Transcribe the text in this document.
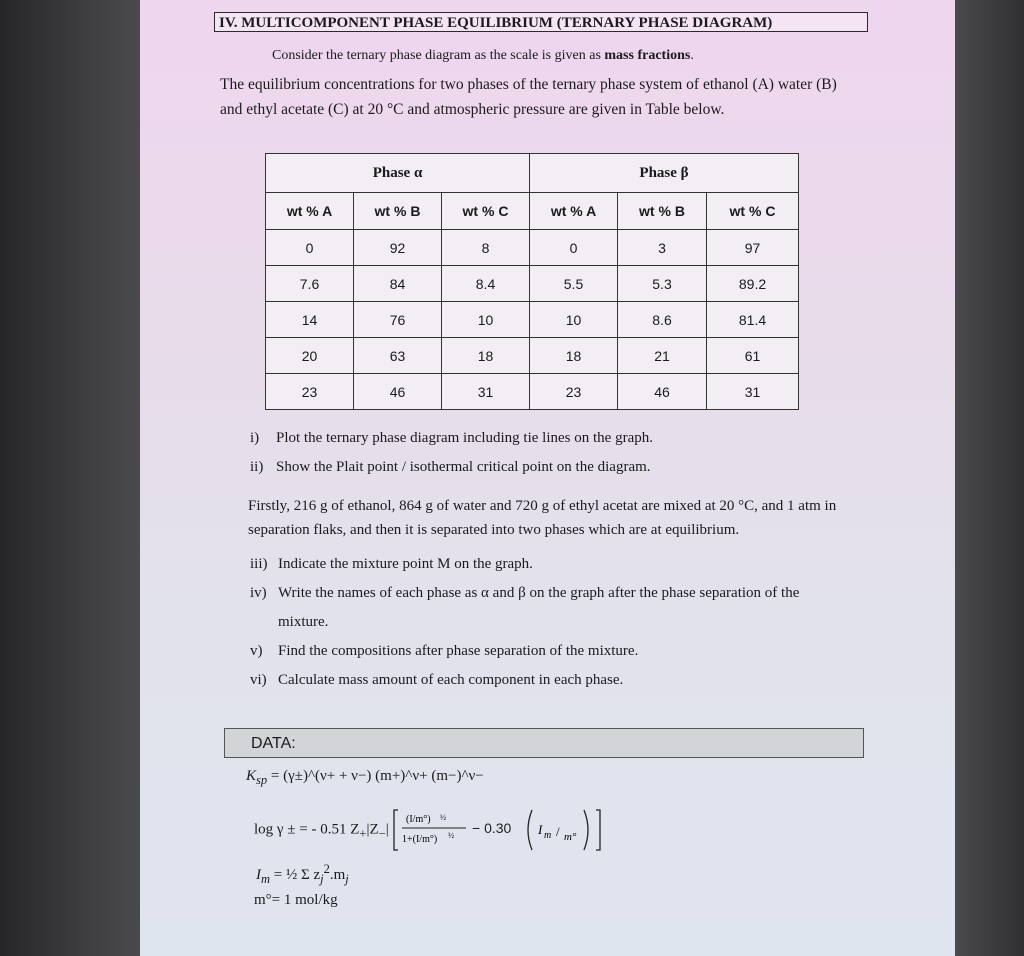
IV. MULTICOMPONENT PHASE EQUILIBRIUM (TERNARY PHASE DIAGRAM)
Consider the ternary phase diagram as the scale is given as mass fractions.
The equilibrium concentrations for two phases of the ternary phase system of ethanol (A) water (B) and ethyl acetate (C) at 20 °C and atmospheric pressure are given in Table below.
Phase α			Phase β		
wt % A	wt % B	wt % C	wt % A	wt % B	wt % C
0	92	8	0	3	97
7.6	84	8.4	5.5	5.3	89.2
14	76	10	10	8.6	81.4
20	63	18	18	21	61
23	46	31	23	46	31
i) Plot the ternary phase diagram including tie lines on the graph.
ii) Show the Plait point / isothermal critical point on the diagram.
Firstly, 216 g of ethanol, 864 g of water and 720 g of ethyl acetat are mixed at 20 °C, and 1 atm in separation flaks, and then it is separated into two phases which are at equilibrium.
iii) Indicate the mixture point M on the graph.
iv) Write the names of each phase as α and β on the graph after the phase separation of the mixture.
v) Find the compositions after phase separation of the mixture.
vi) Calculate mass amount of each component in each phase.
DATA:
$K_{sp}$ = (γ±)^(ν+ + ν−) (m+)^ν+ (m−)^ν−
log γ ± = - 0.51 $Z_+|Z_-|$
(I/m°) ½
1+(I/m°) ½ − 0.30 I m / m°
$I_m$ = ½ Σ $z_j^2.m_j$
m°= 1 mol/kg
